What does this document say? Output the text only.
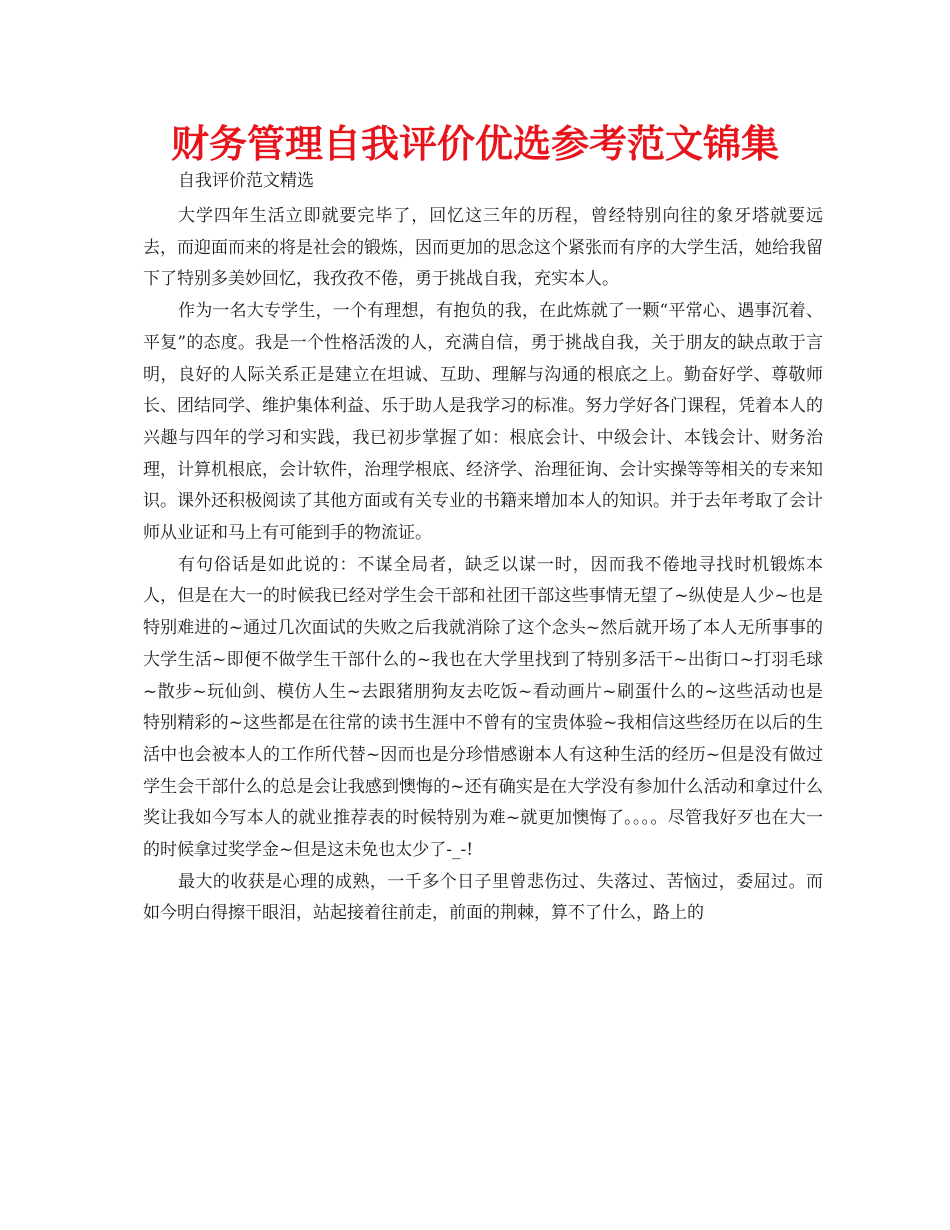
财务管理自我评价优选参考范文锦集
自我评价范文精选

大学四年生活立即就要完毕了，回忆这三年的历程，曾经特别向往的象牙塔就要远去，而迎面而来的将是社会的锻炼，因而更加的思念这个紧张而有序的大学生活，她给我留下了特别多美妙回忆，我孜孜不倦，勇于挑战自我，充实本人。

作为一名大专学生，一个有理想，有抱负的我，在此炼就了一颗“平常心、遇事沉着、平复”的态度。我是一个性格活泼的人，充满自信，勇于挑战自我，关于朋友的缺点敢于言明，良好的人际关系正是建立在坦诚、互助、理解与沟通的根底之上。勤奋好学、尊敬师长、团结同学、维护集体利益、乐于助人是我学习的标准。努力学好各门课程，凭着本人的兴趣与四年的学习和实践，我已初步掌握了如：根底会计、中级会计、本钱会计、财务治理，计算机根底，会计软件，治理学根底、经济学、治理征询、会计实操等等相关的专来知识。课外还积极阅读了其他方面或有关专业的书籍来增加本人的知识。并于去年考取了会计师从业证和马上有可能到手的物流证。

有句俗话是如此说的：不谋全局者，缺乏以谋一时，因而我不倦地寻找时机锻炼本人，但是在大一的时候我已经对学生会干部和社团干部这些事情无望了~纵使是人少~也是特别难进的~通过几次面试的失败之后我就消除了这个念头~然后就开场了本人无所事事的大学生活~即便不做学生干部什么的~我也在大学里找到了特别多活干~出街口~打羽毛球~散步~玩仙剑、模仿人生~去跟猪朋狗友去吃饭~看动画片~刷蛋什么的~这些活动也是特别精彩的~这些都是在往常的读书生涯中不曾有的宝贵体验~我相信这些经历在以后的生活中也会被本人的工作所代替~因而也是分珍惜感谢本人有这种生活的经历~但是没有做过学生会干部什么的总是会让我感到懊悔的~还有确实是在大学没有参加什么活动和拿过什么奖让我如今写本人的就业推荐表的时候特别为难~就更加懊悔了。。。。尽管我好歹也在大一的时候拿过奖学金~但是这未免也太少了-_-!

最大的收获是心理的成熟，一千多个日子里曾悲伤过、失落过、苦恼过，委屈过。而如今明白得擦干眼泪，站起接着往前走，前面的荆棘，算不了什么，路上的
